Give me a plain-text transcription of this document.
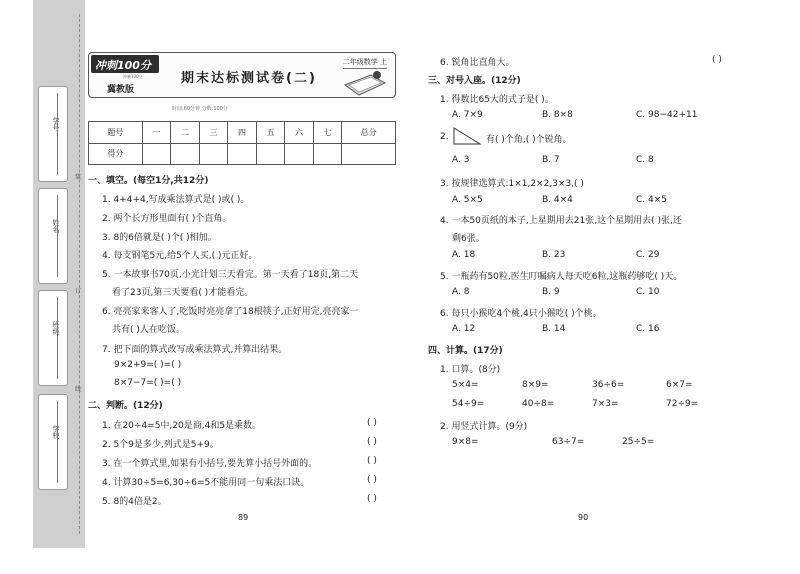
装
订
线
学号
姓名
班级
学校
冲刺100分
冲刺100分
冀教版
期末达标测试卷(二)
二年级数学 上
时间:60分钟 分数:100分
题号	一	二	三	四	五	六	七	总分
得分								
一、填空。(每空1分,共12分)
1. 4+4+4,写成乘法算式是( )或( )。
2. 两个长方形里面有( )个直角。
3. 8的6倍就是( )个( )相加。
4. 每支钢笔5元,给5个人买,( )元正好。
5. 一本故事书70页,小光计划三天看完。第一天看了18页,第二天
看了23页,第三天要看( )才能看完。
6. 亮亮家来客人了,吃饭时亮亮拿了18根筷子,正好用完,亮亮家一
共有( )人在吃饭。
7. 把下面的算式改写成乘法算式,并算出结果。
9×2+9=( )=( )
8×7−7=( )=( )
二、判断。(12分)
1. 在20÷4=5中,20是商,4和5是乘数。	( )
2. 5个9是多少,列式是5+9。	( )
3. 在一个算式里,如果有小括号,要先算小括号外面的。	( )
4. 计算30÷5=6,30÷6=5不能用同一句乘法口诀。	( )
5. 8的4倍是2。	( )
89
6. 锐角比直角大。	( )
三、对号入座。(12分)
1. 得数比65大的式子是( )。
A. 7×9	B. 8×8	C. 98−42+11
2.	有( )个角,( )个锐角。
A. 3	B. 7	C. 8
3. 按规律选算式:1×1,2×2,3×3,( )
A. 5×5	B. 4×4	C. 4×5
4. 一本50页纸的本子,上星期用去21张,这个星期用去( )张,还
剩6张。
A. 18	B. 23	C. 29
5. 一瓶药有50粒,医生叮嘱病人每天吃6粒,这瓶药够吃( )天。
A. 8	B. 9	C. 10
6. 每只小猴吃4个桃,4只小猴吃( )个桃。
A. 12	B. 14	C. 16
四、计算。(17分)
1. 口算。(8分)
5×4=	8×9=	36÷6=	6×7=
54÷9=	40÷8=	7×3=	72÷9=
2. 用竖式计算。(9分)
9×8=	63÷7=	25÷5=
90
